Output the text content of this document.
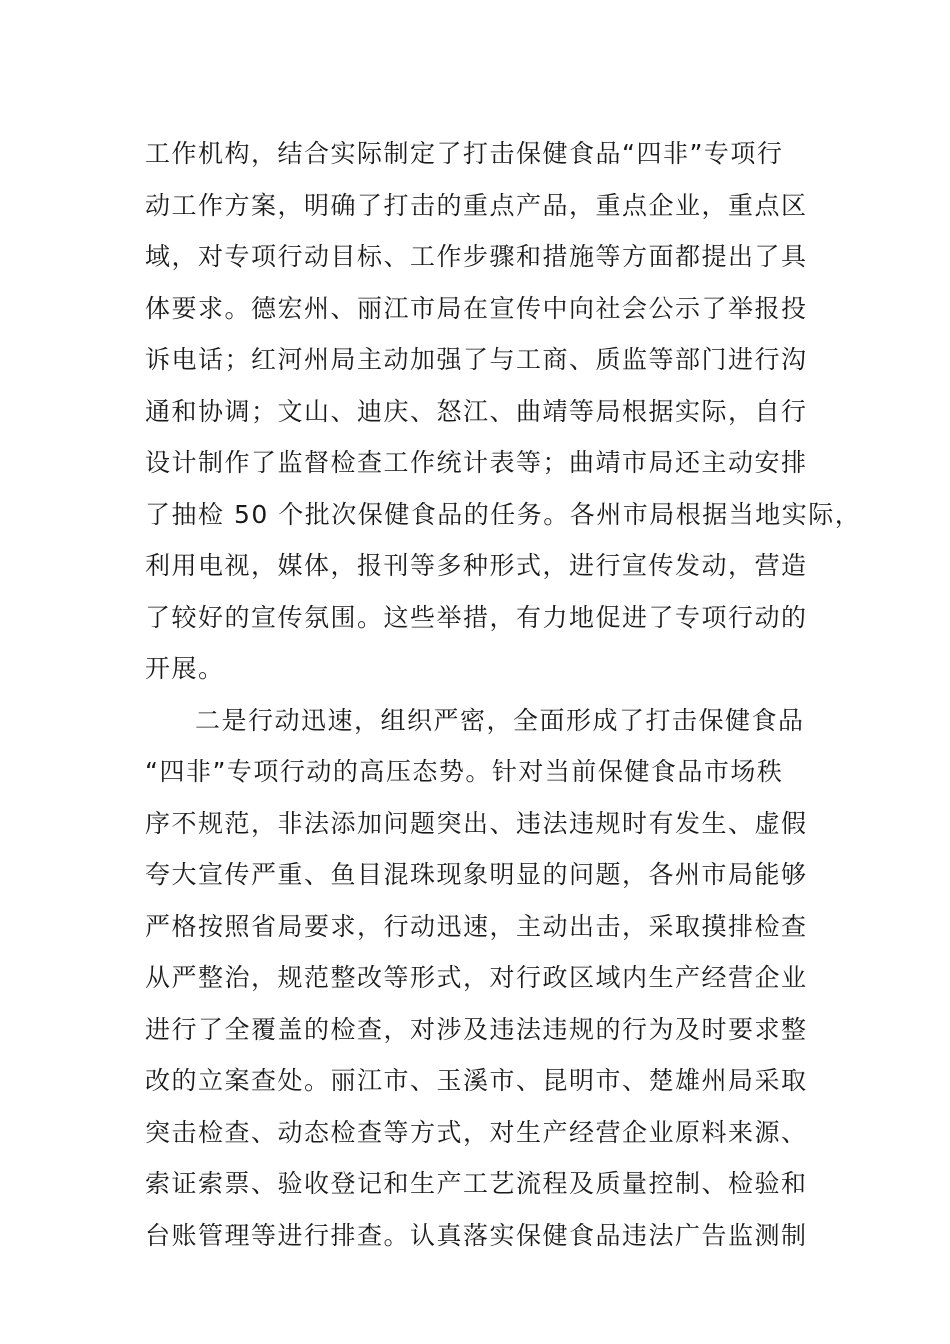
工作机构，结合实际制定了打击保健食品“四非”专项行
动工作方案，明确了打击的重点产品，重点企业，重点区
域，对专项行动目标、工作步骤和措施等方面都提出了具
体要求。德宏州、丽江市局在宣传中向社会公示了举报投
诉电话；红河州局主动加强了与工商、质监等部门进行沟
通和协调；文山、迪庆、怒江、曲靖等局根据实际，自行
设计制作了监督检查工作统计表等；曲靖市局还主动安排
了抽检 50 个批次保健食品的任务。各州市局根据当地实际，
利用电视，媒体，报刊等多种形式，进行宣传发动，营造
了较好的宣传氛围。这些举措，有力地促进了专项行动的
开展。
二是行动迅速，组织严密，全面形成了打击保健食品
“四非”专项行动的高压态势。针对当前保健食品市场秩
序不规范，非法添加问题突出、违法违规时有发生、虚假
夸大宣传严重、鱼目混珠现象明显的问题，各州市局能够
严格按照省局要求，行动迅速，主动出击，采取摸排检查
从严整治，规范整改等形式，对行政区域内生产经营企业
进行了全覆盖的检查，对涉及违法违规的行为及时要求整
改的立案查处。丽江市、玉溪市、昆明市、楚雄州局采取
突击检查、动态检查等方式，对生产经营企业原料来源、
索证索票、验收登记和生产工艺流程及质量控制、检验和
台账管理等进行排查。认真落实保健食品违法广告监测制
